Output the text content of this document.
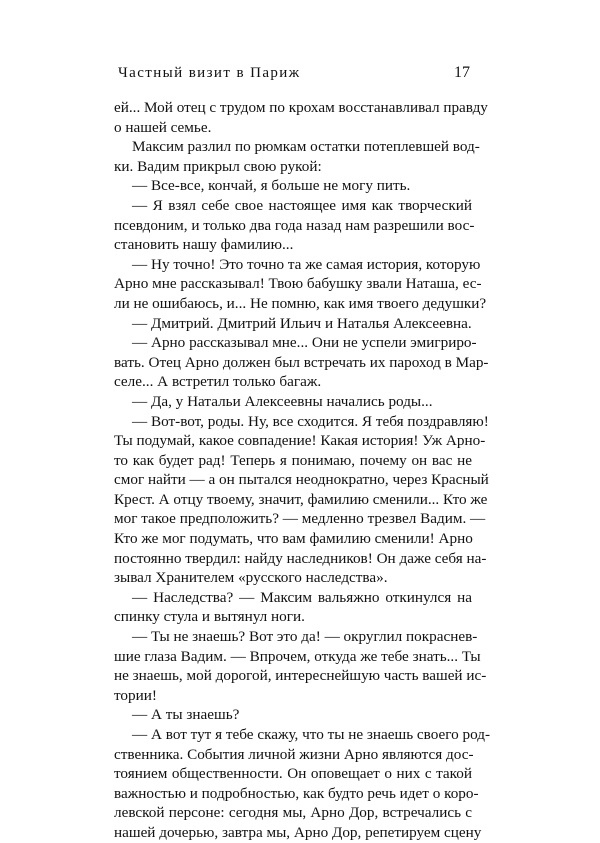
Частный визит в Париж	17
ей... Мой отец с трудом по крохам восстанавливал правду
о нашей семье.
Максим разлил по рюмкам остатки потеплевшей вод-
ки. Вадим прикрыл свою рукой:
— Все-все, кончай, я больше не могу пить.
— Я взял себе свое настоящее имя как творческий
псевдоним, и только два года назад нам разрешили вос-
становить нашу фамилию...
— Ну точно! Это точно та же самая история, которую
Арно мне рассказывал! Твою бабушку звали Наташа, ес-
ли не ошибаюсь, и... Не помню, как имя твоего дедушки?
— Дмитрий. Дмитрий Ильич и Наталья Алексеевна.
— Арно рассказывал мне... Они не успели эмигриро-
вать. Отец Арно должен был встречать их пароход в Мар-
селе... А встретил только багаж.
— Да, у Натальи Алексеевны начались роды...
— Вот-вот, роды. Ну, все сходится. Я тебя поздравляю!
Ты подумай, какое совпадение! Какая история! Уж Арно-
то как будет рад! Теперь я понимаю, почему он вас не
смог найти — а он пытался неоднократно, через Красный
Крест. А отцу твоему, значит, фамилию сменили... Кто же
мог такое предположить? — медленно трезвел Вадим. —
Кто же мог подумать, что вам фамилию сменили! Арно
постоянно твердил: найду наследников! Он даже себя на-
зывал Хранителем «русского наследства».
— Наследства? — Максим вальяжно откинулся на
спинку стула и вытянул ноги.
— Ты не знаешь? Вот это да! — округлил покраснев-
шие глаза Вадим. — Впрочем, откуда же тебе знать... Ты
не знаешь, мой дорогой, интереснейшую часть вашей ис-
тории!
— А ты знаешь?
— А вот тут я тебе скажу, что ты не знаешь своего род-
ственника. События личной жизни Арно являются дос-
тоянием общественности. Он оповещает о них с такой
важностью и подробностью, как будто речь идет о коро-
левской персоне: сегодня мы, Арно Дор, встречались с
нашей дочерью, завтра мы, Арно Дор, репетируем сцену
